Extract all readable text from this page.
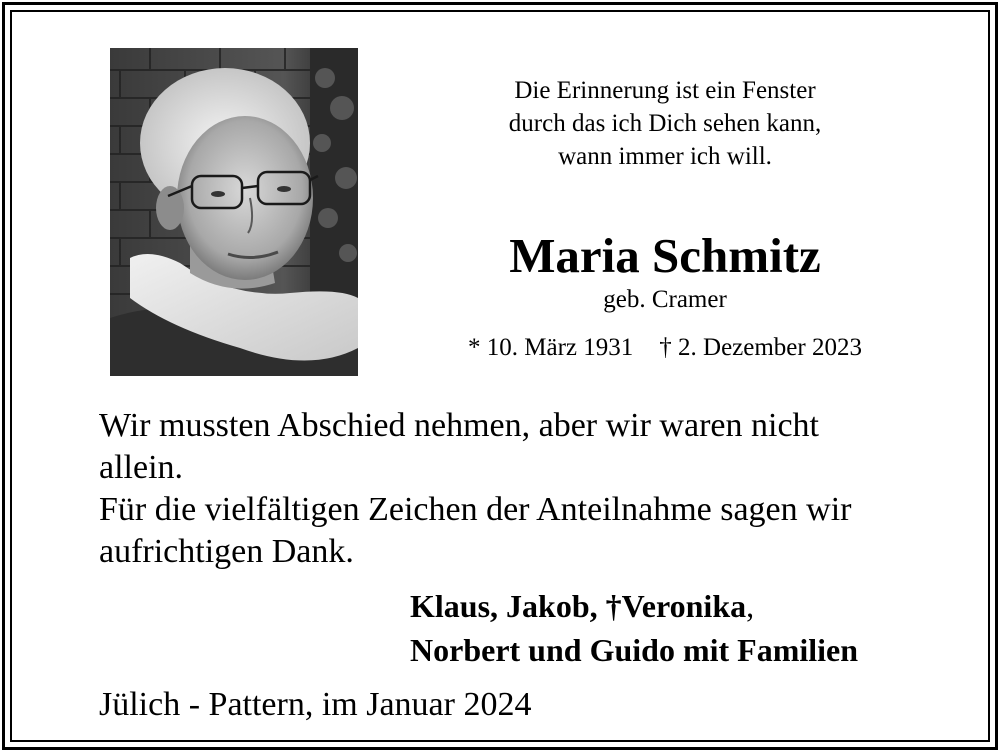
Die Erinnerung ist ein Fenster
durch das ich Dich sehen kann,
wann immer ich will.
Maria Schmitz
geb. Cramer
* 10. März 1931 † 2. Dezember 2023
Wir mussten Abschied nehmen, aber wir waren nicht
allein.
Für die vielfältigen Zeichen der Anteilnahme sagen wir
aufrichtigen Dank.
Klaus, Jakob, †Veronika,
Norbert und Guido mit Familien
Jülich - Pattern, im Januar 2024
